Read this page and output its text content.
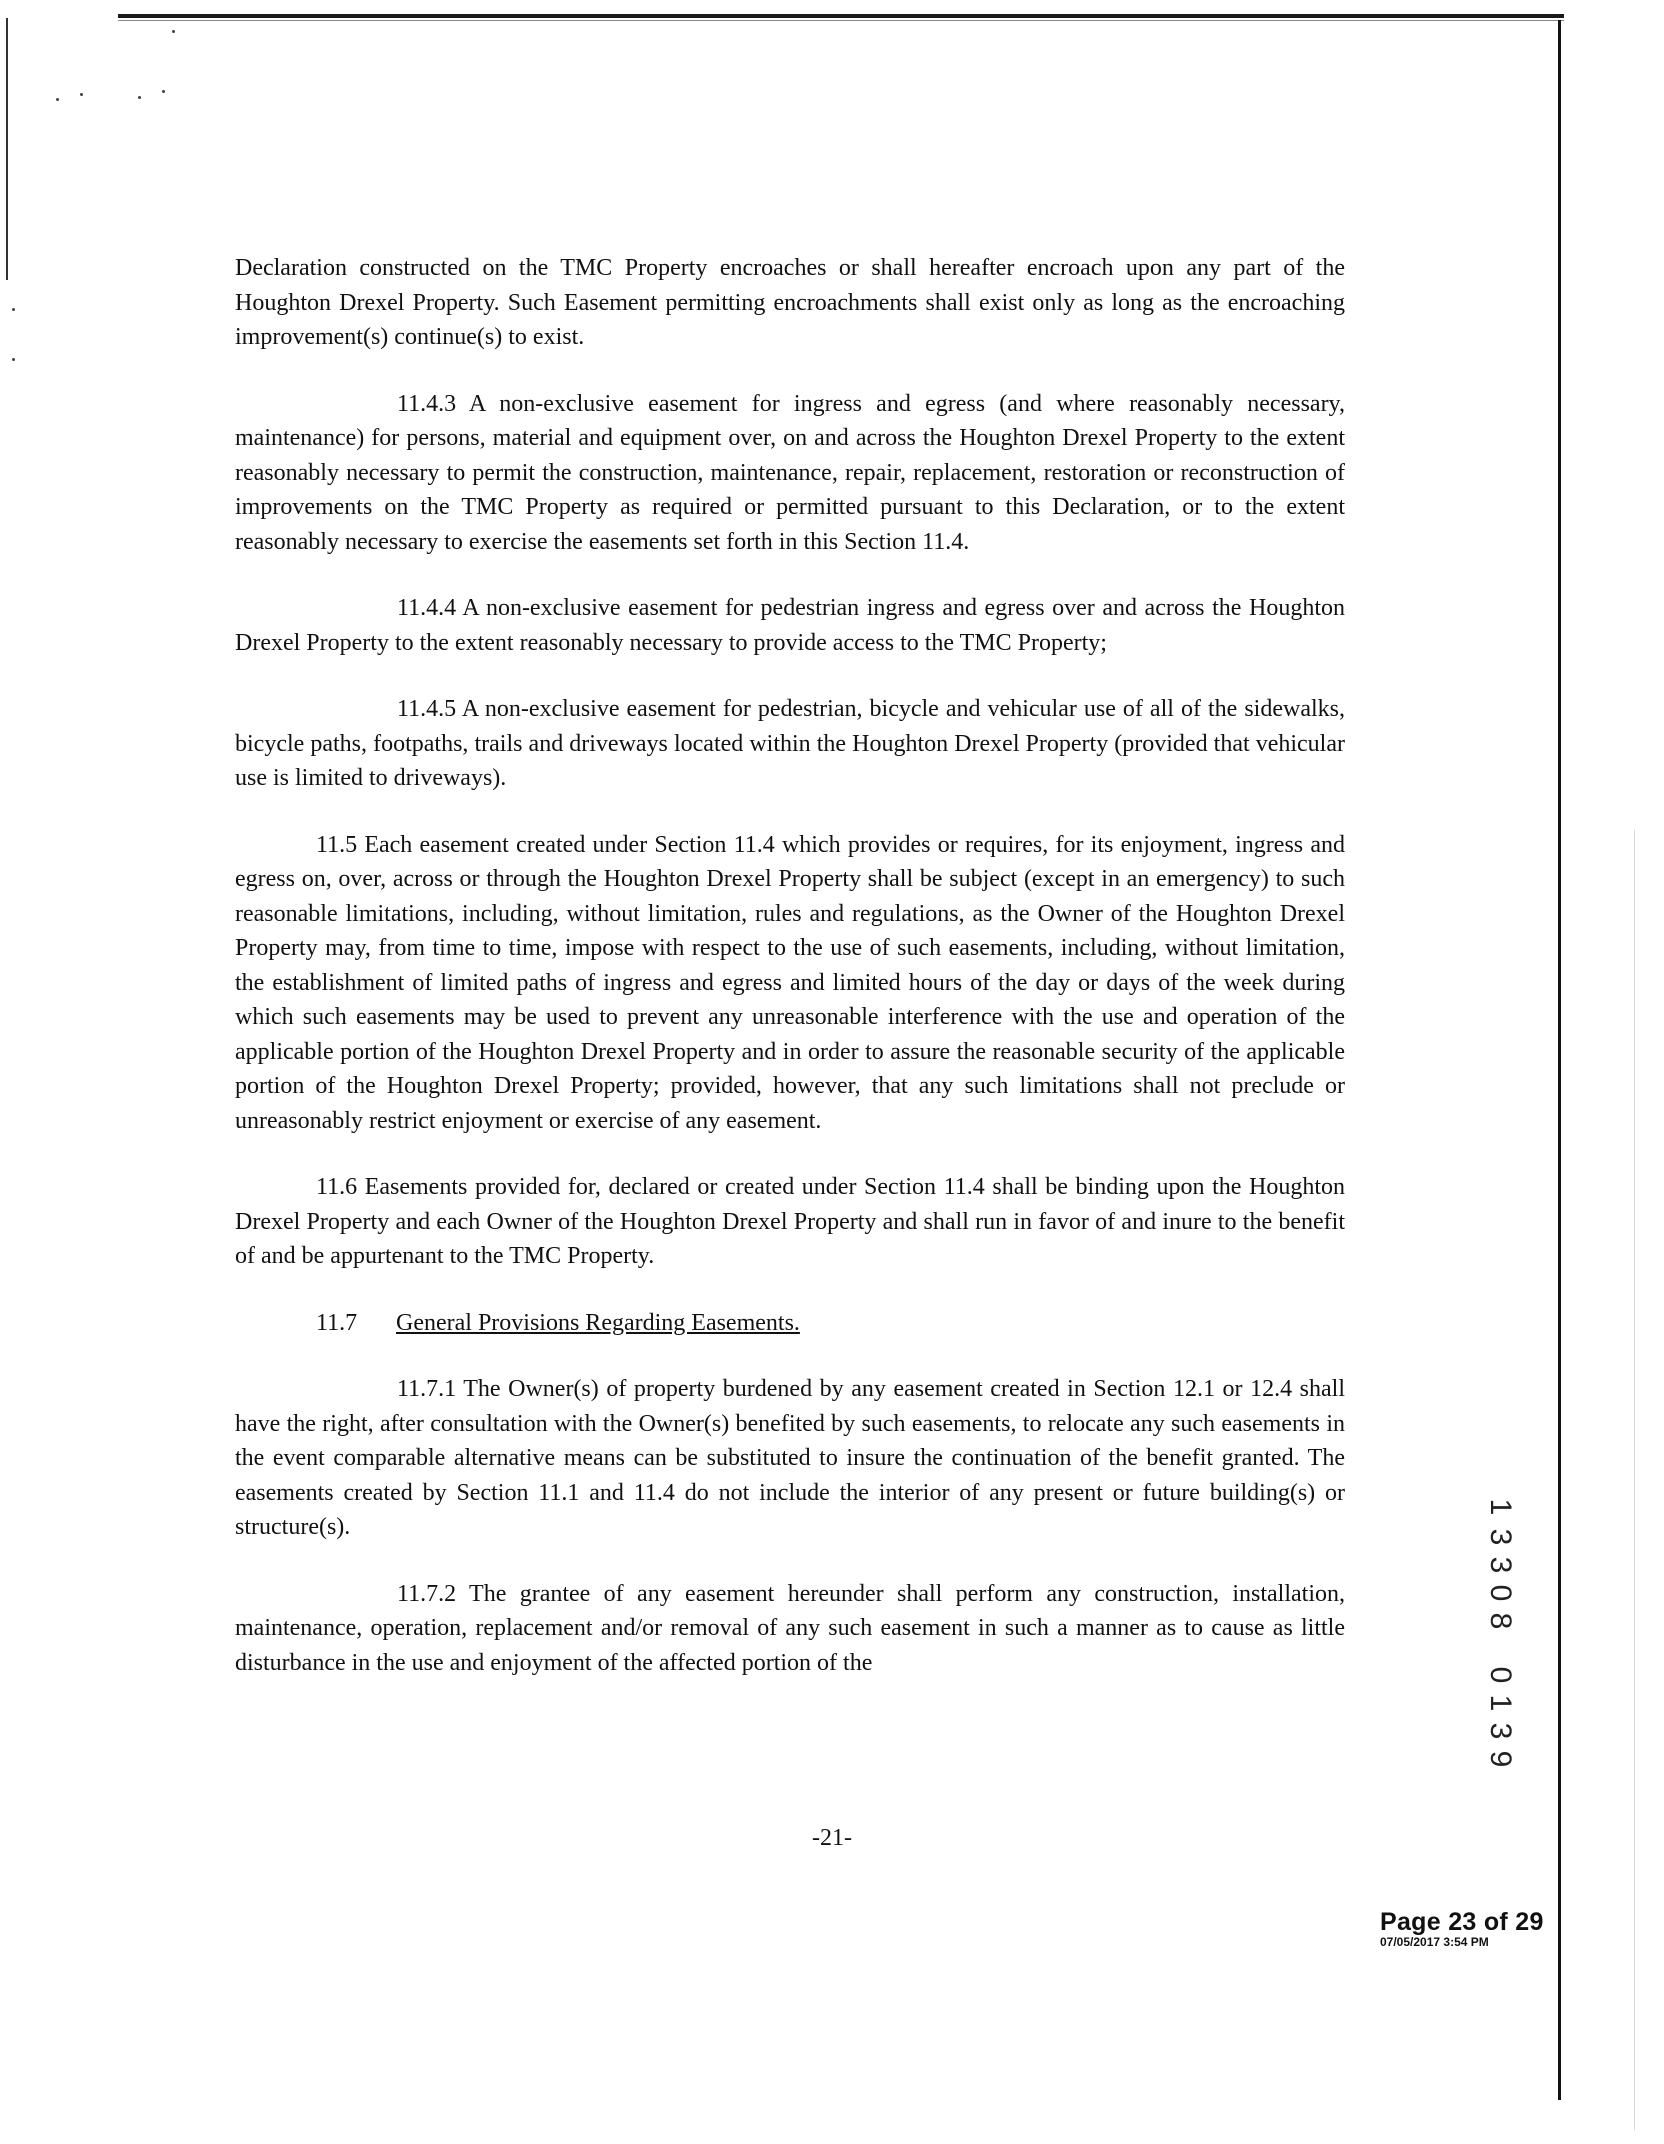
Declaration constructed on the TMC Property encroaches or shall hereafter encroach upon any part of the Houghton Drexel Property. Such Easement permitting encroachments shall exist only as long as the encroaching improvement(s) continue(s) to exist.

11.4.3 A non-exclusive easement for ingress and egress (and where reasonably necessary, maintenance) for persons, material and equipment over, on and across the Houghton Drexel Property to the extent reasonably necessary to permit the construction, maintenance, repair, replacement, restoration or reconstruction of improvements on the TMC Property as required or permitted pursuant to this Declaration, or to the extent reasonably necessary to exercise the easements set forth in this Section 11.4.

11.4.4 A non-exclusive easement for pedestrian ingress and egress over and across the Houghton Drexel Property to the extent reasonably necessary to provide access to the TMC Property;

11.4.5 A non-exclusive easement for pedestrian, bicycle and vehicular use of all of the sidewalks, bicycle paths, footpaths, trails and driveways located within the Houghton Drexel Property (provided that vehicular use is limited to driveways).

11.5 Each easement created under Section 11.4 which provides or requires, for its enjoyment, ingress and egress on, over, across or through the Houghton Drexel Property shall be subject (except in an emergency) to such reasonable limitations, including, without limitation, rules and regulations, as the Owner of the Houghton Drexel Property may, from time to time, impose with respect to the use of such easements, including, without limitation, the establishment of limited paths of ingress and egress and limited hours of the day or days of the week during which such easements may be used to prevent any unreasonable interference with the use and operation of the applicable portion of the Houghton Drexel Property and in order to assure the reasonable security of the applicable portion of the Houghton Drexel Property; provided, however, that any such limitations shall not preclude or unreasonably restrict enjoyment or exercise of any easement.

11.6 Easements provided for, declared or created under Section 11.4 shall be binding upon the Houghton Drexel Property and each Owner of the Houghton Drexel Property and shall run in favor of and inure to the benefit of and be appurtenant to the TMC Property.

11.7 General Provisions Regarding Easements.

11.7.1 The Owner(s) of property burdened by any easement created in Section 12.1 or 12.4 shall have the right, after consultation with the Owner(s) benefited by such easements, to relocate any such easements in the event comparable alternative means can be substituted to insure the continuation of the benefit granted. The easements created by Section 11.1 and 11.4 do not include the interior of any present or future building(s) or structure(s).

11.7.2 The grantee of any easement hereunder shall perform any construction, installation, maintenance, operation, replacement and/or removal of any such easement in such a manner as to cause as little disturbance in the use and enjoyment of the affected portion of the

-21-
1
3
3
0
8
0
1
3
9
Page 23 of 29
07/05/2017 3:54 PM
